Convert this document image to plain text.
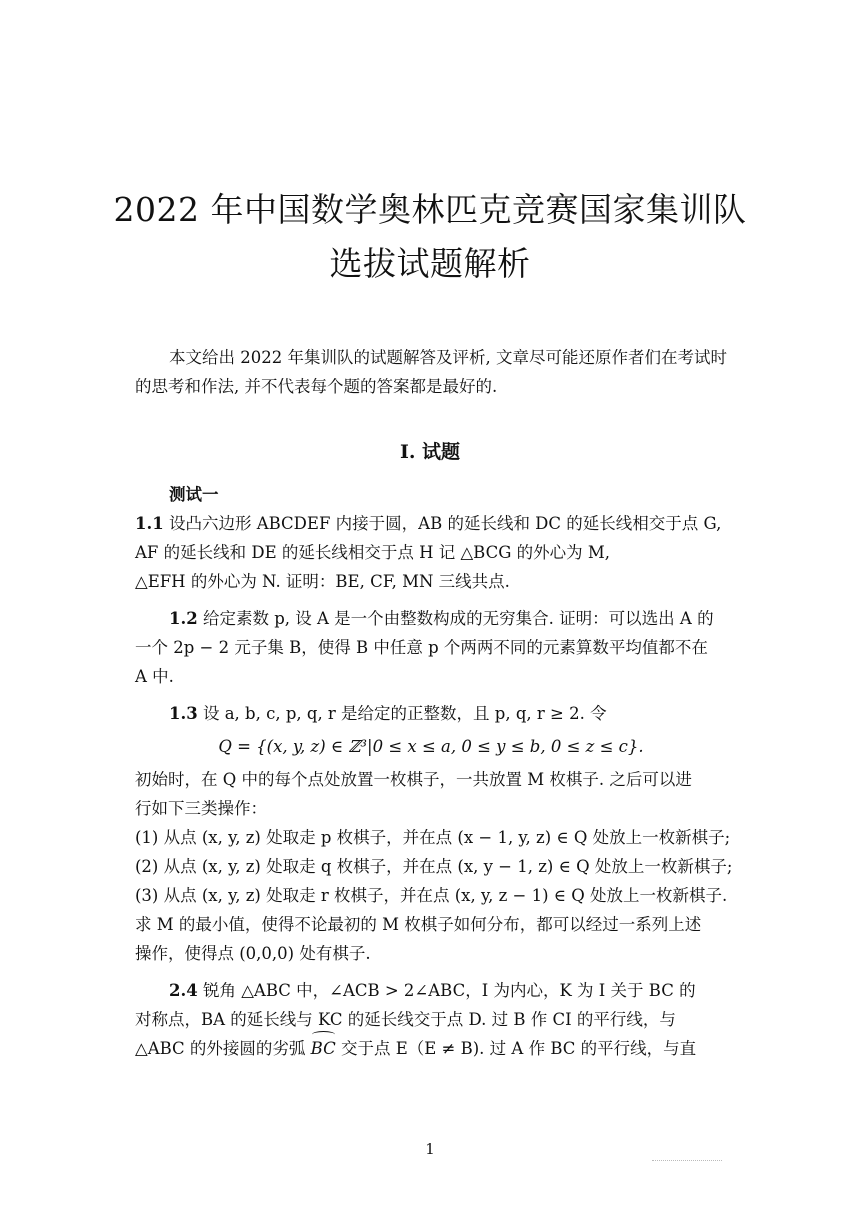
2022 年中国数学奥林匹克竞赛国家集训队
选拔试题解析
本文给出 2022 年集训队的试题解答及评析, 文章尽可能还原作者们在考试时的思考和作法, 并不代表每个题的答案都是最好的.
I. 试题
测试一
1.1 设凸六边形 ABCDEF 内接于圆，AB 的延长线和 DC 的延长线相交于点 G,
AF 的延长线和 DE 的延长线相交于点 H 记 △BCG 的外心为 M,
△EFH 的外心为 N. 证明：BE, CF, MN 三线共点.
1.2 给定素数 p, 设 A 是一个由整数构成的无穷集合. 证明：可以选出 A 的
一个 2p − 2 元子集 B，使得 B 中任意 p 个两两不同的元素算数平均值都不在
A 中.
1.3 设 a, b, c, p, q, r 是给定的正整数，且 p, q, r ≥ 2. 令
Q = {(x, y, z) ∈ ℤ³|0 ≤ x ≤ a, 0 ≤ y ≤ b, 0 ≤ z ≤ c}.
初始时，在 Q 中的每个点处放置一枚棋子，一共放置 M 枚棋子. 之后可以进
行如下三类操作：
(1) 从点 (x, y, z) 处取走 p 枚棋子，并在点 (x − 1, y, z) ∈ Q 处放上一枚新棋子;
(2) 从点 (x, y, z) 处取走 q 枚棋子，并在点 (x, y − 1, z) ∈ Q 处放上一枚新棋子;
(3) 从点 (x, y, z) 处取走 r 枚棋子，并在点 (x, y, z − 1) ∈ Q 处放上一枚新棋子.
求 M 的最小值，使得不论最初的 M 枚棋子如何分布，都可以经过一系列上述
操作，使得点 (0,0,0) 处有棋子.
2.4 锐角 △ABC 中，∠ACB > 2∠ABC，I 为内心，K 为 I 关于 BC 的
对称点，BA 的延长线与 KC 的延长线交于点 D. 过 B 作 CI 的平行线，与
△ABC 的外接圆的劣弧 BC 交于点 E（E ≠ B). 过 A 作 BC 的平行线，与直
1
